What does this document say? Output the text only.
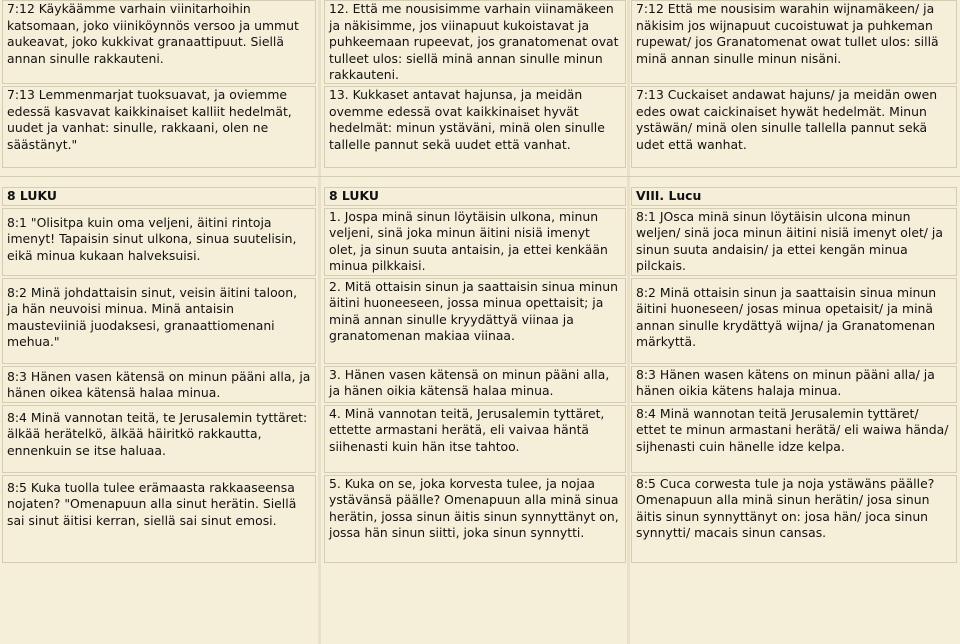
7:12 Käykäämme varhain viinitarhoihin katsomaan, joko viiniköynnös versoo ja ummut aukeavat, joko kukkivat granaattipuut. Siellä annan sinulle rakkauteni.

7:13 Lemmenmarjat tuoksuavat, ja oviemme edessä kasvavat kaikkinaiset kalliit hedelmät, uudet ja vanhat: sinulle, rakkaani, olen ne säästänyt."

8 LUKU

8:1 "Olisitpa kuin oma veljeni, äitini rintoja imenyt! Tapaisin sinut ulkona, sinua suutelisin, eikä minua kukaan halveksuisi.

8:2 Minä johdattaisin sinut, veisin äitini taloon, ja hän neuvoisi minua. Minä antaisin mausteviiniä juodaksesi, granaattiomenani mehua."

8:3 Hänen vasen kätensä on minun pääni alla, ja hänen oikea kätensä halaa minua.

8:4 Minä vannotan teitä, te Jerusalemin tyttäret: älkää herätelkö, älkää häiritkö rakkautta, ennenkuin se itse haluaa.

8:5 Kuka tuolla tulee erämaasta rakkaaseensa nojaten? "Omenapuun alla sinut herätin. Siellä sai sinut äitisi kerran, siellä sai sinut emosi.

12. Että me nousisimme varhain viinamäkeen ja näkisimme, jos viinapuut kukoistavat ja puhkeemaan rupeevat, jos granatomenat ovat tulleet ulos: siellä minä annan sinulle minun rakkauteni.

13. Kukkaset antavat hajunsa, ja meidän ovemme edessä ovat kaikkinaiset hyvät hedelmät: minun ystäväni, minä olen sinulle tallelle pannut sekä uudet että vanhat.

8 LUKU

1. Jospa minä sinun löytäisin ulkona, minun veljeni, sinä joka minun äitini nisiä imenyt olet, ja sinun suuta antaisin, ja ettei kenkään minua pilkkaisi.

2. Mitä ottaisin sinun ja saattaisin sinua minun äitini huoneeseen, jossa minua opettaisit; ja minä annan sinulle kryydättyä viinaa ja granatomenan makiaa viinaa.

3. Hänen vasen kätensä on minun pääni alla, ja hänen oikia kätensä halaa minua.

4. Minä vannotan teitä, Jerusalemin tyttäret, ettette armastani herätä, eli vaivaa häntä siihenasti kuin hän itse tahtoo.

5. Kuka on se, joka korvesta tulee, ja nojaa ystävänsä päälle? Omenapuun alla minä sinua herätin, jossa sinun äitis sinun synnyttänyt on, jossa hän sinun siitti, joka sinun synnytti.

7:12 Että me nousisim warahin wijnamäkeen/ ja näkisim jos wijnapuut cucoistuwat ja puhkeman rupewat/ jos Granatomenat owat tullet ulos: sillä minä annan sinulle minun nisäni.

7:13 Cuckaiset andawat hajuns/ ja meidän owen edes owat caickinaiset hywät hedelmät. Minun ystäwän/ minä olen sinulle tallella pannut sekä udet että wanhat.

VIII. Lucu

8:1 JOsca minä sinun löytäisin ulcona minun weljen/ sinä joca minun äitini nisiä imenyt olet/ ja sinun suuta andaisin/ ja ettei kengän minua pilckais.

8:2 Minä ottaisin sinun ja saattaisin sinua minun äitini huoneseen/ josas minua opetaisit/ ja minä annan sinulle krydättyä wijna/ ja Granatomenan märkyttä.

8:3 Hänen wasen kätens on minun pääni alla/ ja hänen oikia kätens halaja minua.

8:4 Minä wannotan teitä Jerusalemin tyttäret/ ettet te minun armastani herätä/ eli waiwa hända/ sijhenasti cuin hänelle idze kelpa.

8:5 Cuca corwesta tule ja noja ystäwäns päälle? Omenapuun alla minä sinun herätin/ josa sinun äitis sinun synnyttänyt on: josa hän/ joca sinun synnytti/ macais sinun cansas.
